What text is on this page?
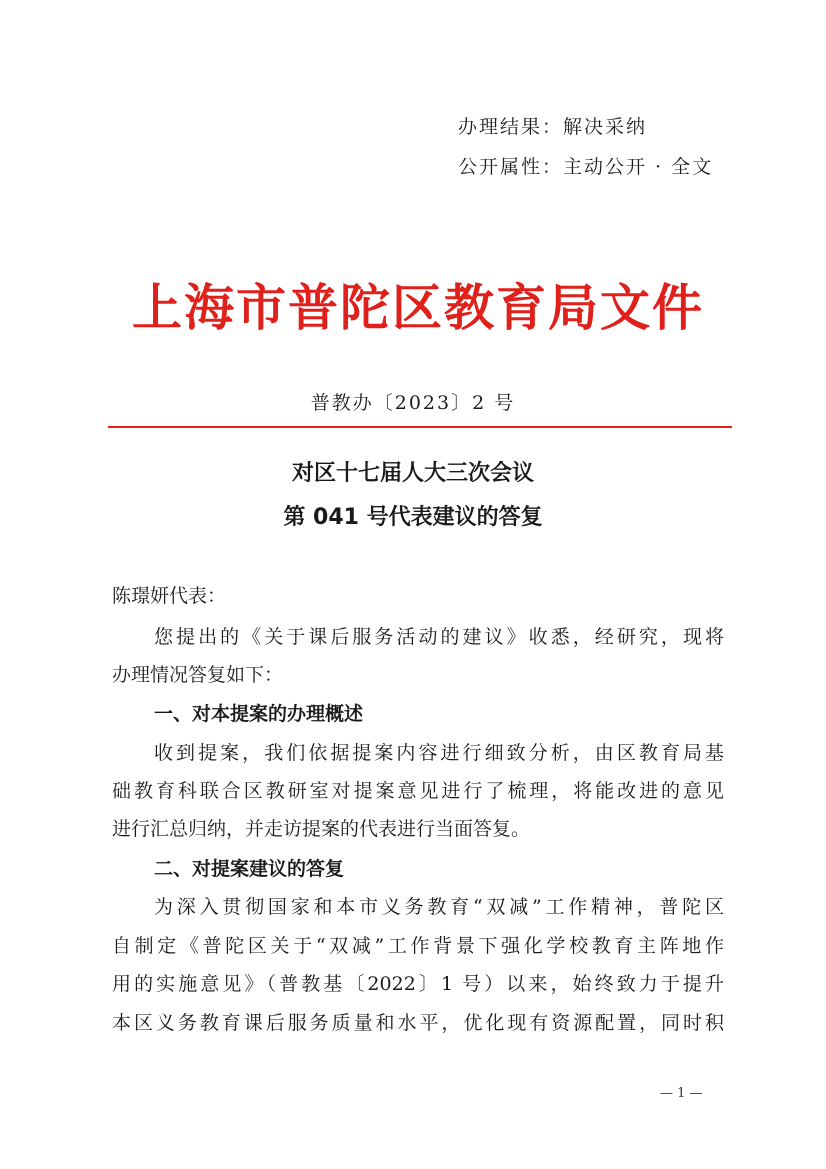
办理结果：解决采纳
公开属性：主动公开 · 全文
上海市普陀区教育局文件
普教办〔2023〕2 号
对区十七届人大三次会议
第 041 号代表建议的答复
陈璟妍代表：
您提出的《关于课后服务活动的建议》收悉，经研究，现将
办理情况答复如下：
一、对本提案的办理概述
收到提案，我们依据提案内容进行细致分析，由区教育局基
础教育科联合区教研室对提案意见进行了梳理，将能改进的意见
进行汇总归纳，并走访提案的代表进行当面答复。
二、对提案建议的答复
为深入贯彻国家和本市义务教育“双减”工作精神，普陀区
自制定《普陀区关于“双减”工作背景下强化学校教育主阵地作
用的实施意见》（普教基〔2022〕1 号）以来，始终致力于提升
本区义务教育课后服务质量和水平，优化现有资源配置，同时积
— 1 —
